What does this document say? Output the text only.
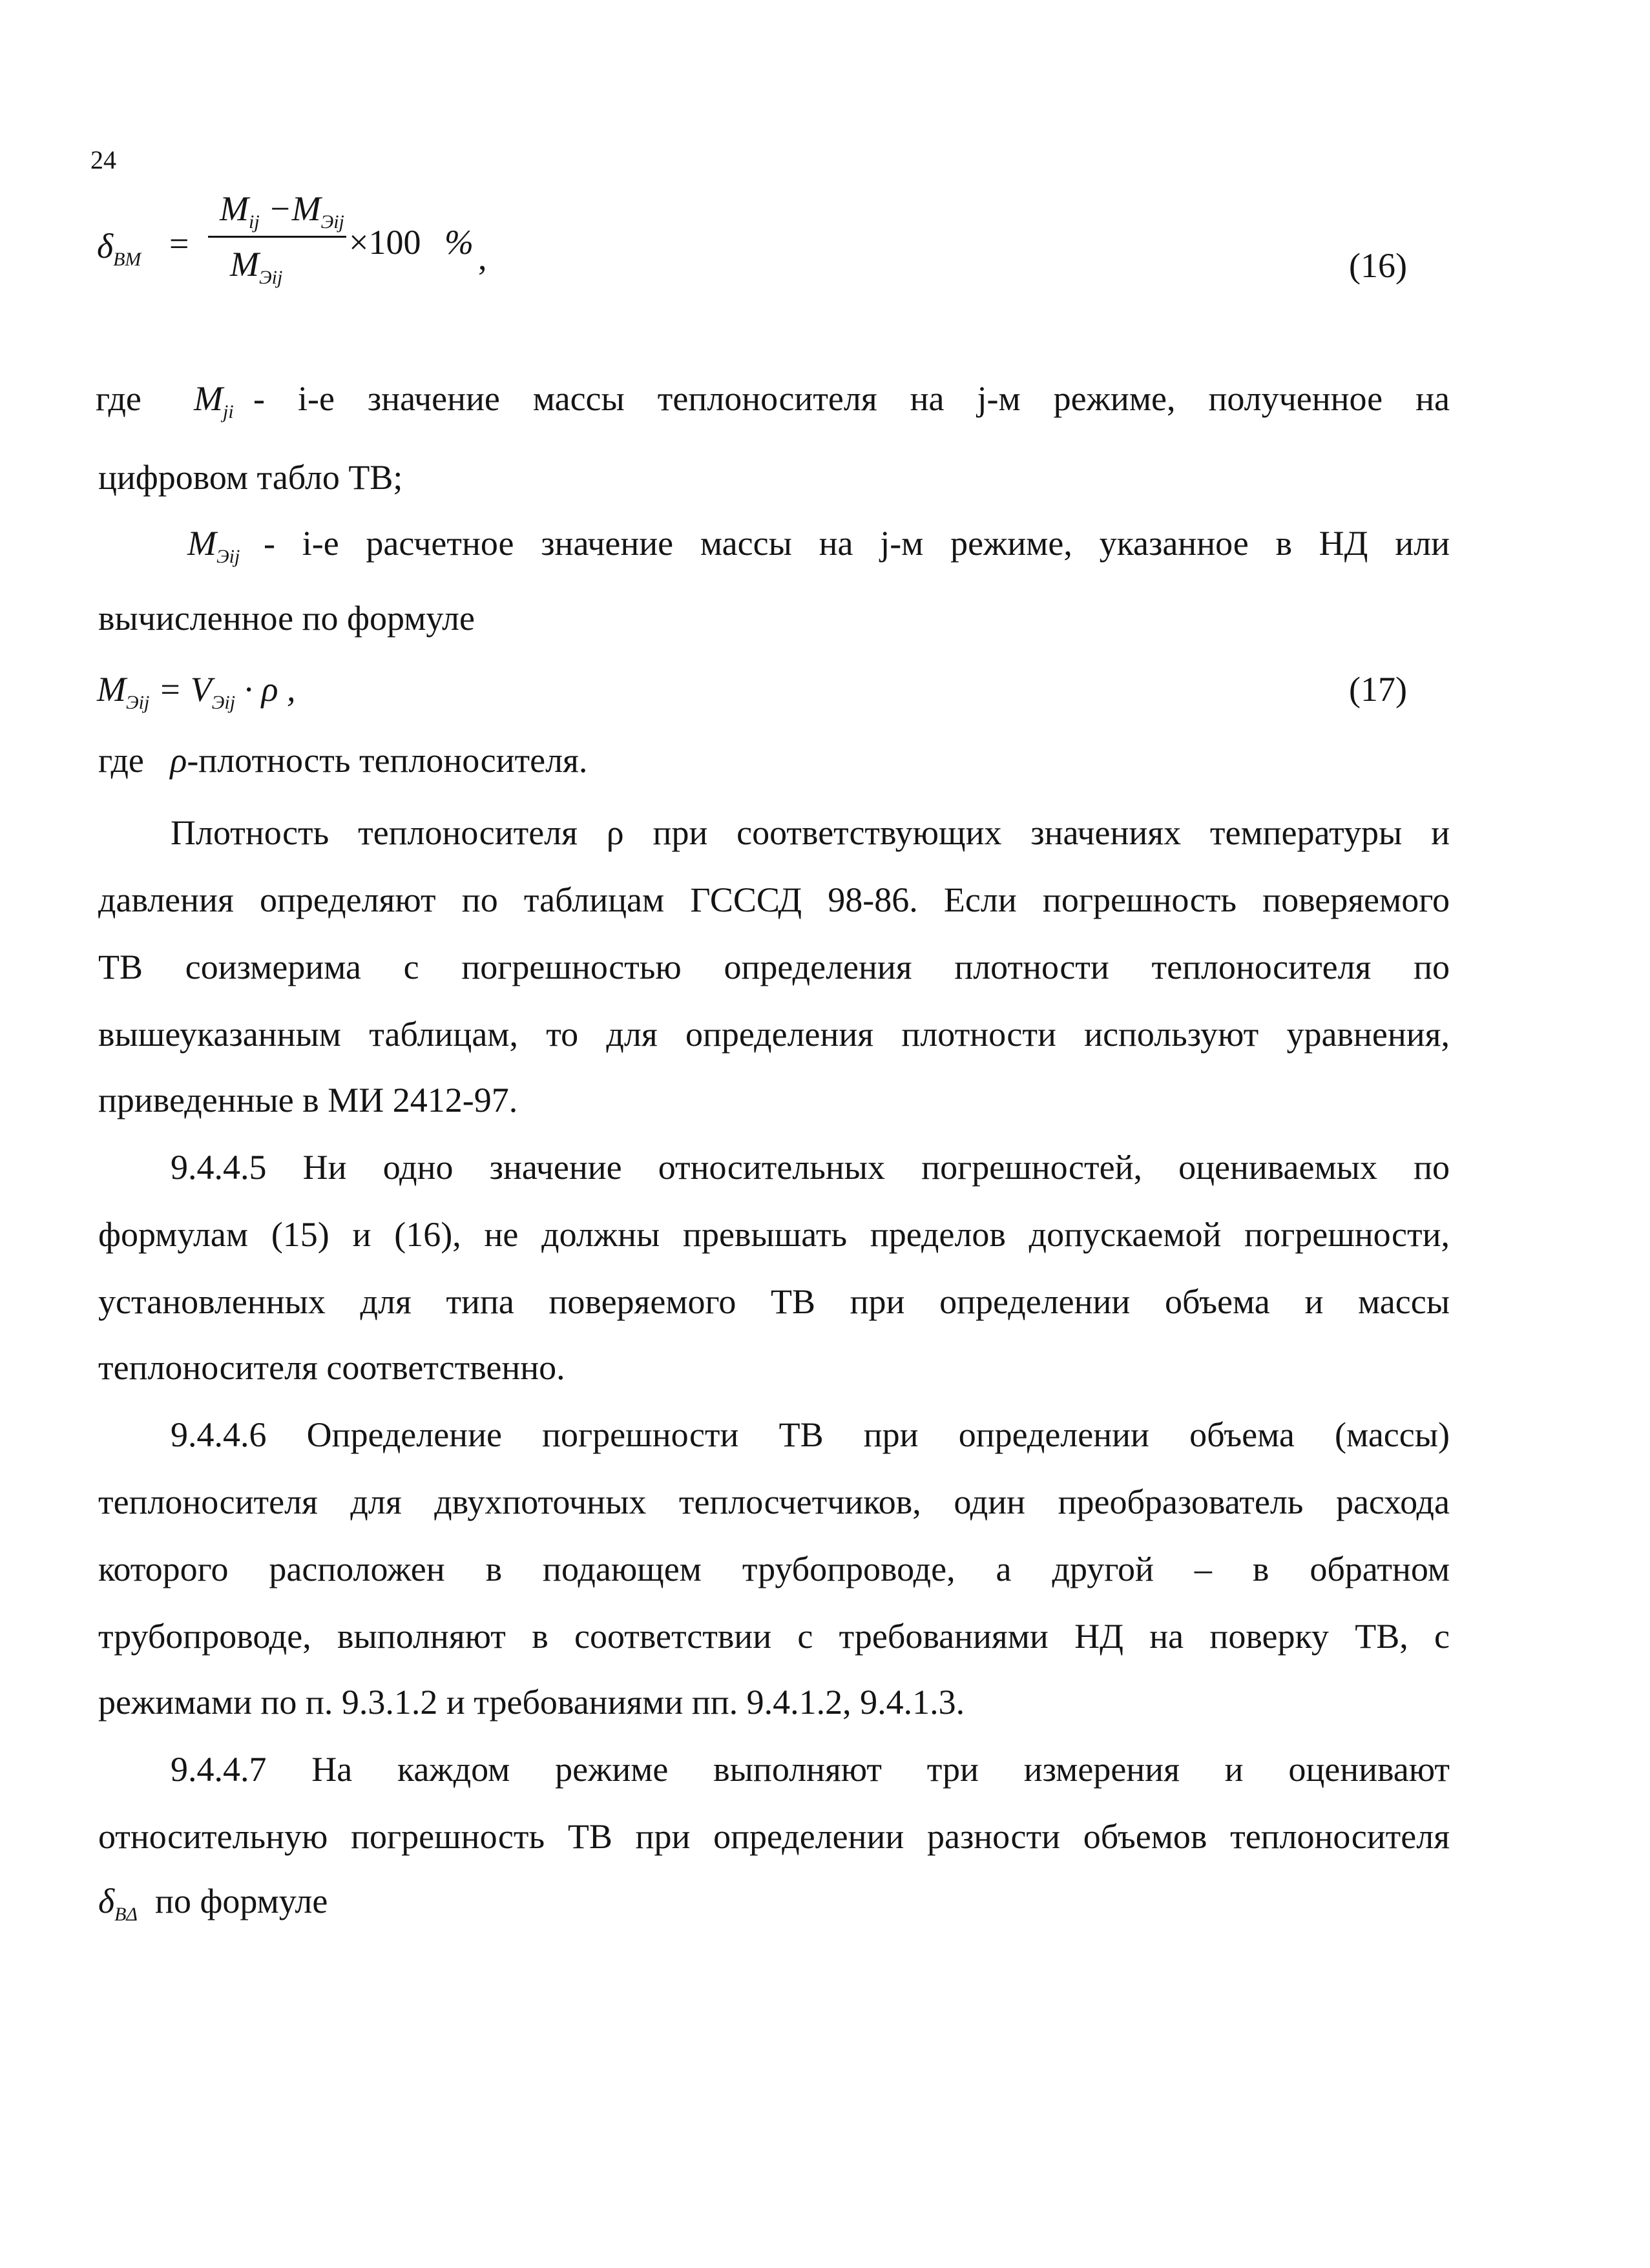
24
$\delta_{ВМ}$ =
$M_{ij} -M_{Эij}$
$M_{Эij}$
×100 % ,	(16)
где $M_{ji} - i-е$ значение массы теплоносителя на j-м режиме, полученное на
цифровом табло ТВ;
$M_{Эij} - i-е$ расчетное значение массы на j-м режиме, указанное в НД или
вычисленное по формуле
$M_{Эij} = V_{Эij} \cdot \rho$ ,	(17)
где ρ-плотность теплоносителя.
Плотность теплоносителя ρ при соответствующих значениях температуры и
давления определяют по таблицам ГСССД 98-86. Если погрешность поверяемого
ТВ соизмерима с погрешностью определения плотности теплоносителя по
вышеуказанным таблицам, то для определения плотности используют уравнения,
приведенные в МИ 2412-97.
9.4.4.5 Ни одно значение относительных погрешностей, оцениваемых по
формулам (15) и (16), не должны превышать пределов допускаемой погрешности,
установленных для типа поверяемого ТВ при определении объема и массы
теплоносителя соответственно.
9.4.4.6 Определение погрешности ТВ при определении объема (массы)
теплоносителя для двухпоточных теплосчетчиков, один преобразователь расхода
которого расположен в подающем трубопроводе, а другой – в обратном
трубопроводе, выполняют в соответствии с требованиями НД на поверку ТВ, с
режимами по п. 9.3.1.2 и требованиями пп. 9.4.1.2, 9.4.1.3.
9.4.4.7 На каждом режиме выполняют три измерения и оценивают
относительную погрешность ТВ при определении разности объемов теплоносителя
$\delta_{В\Delta}$ по формуле
